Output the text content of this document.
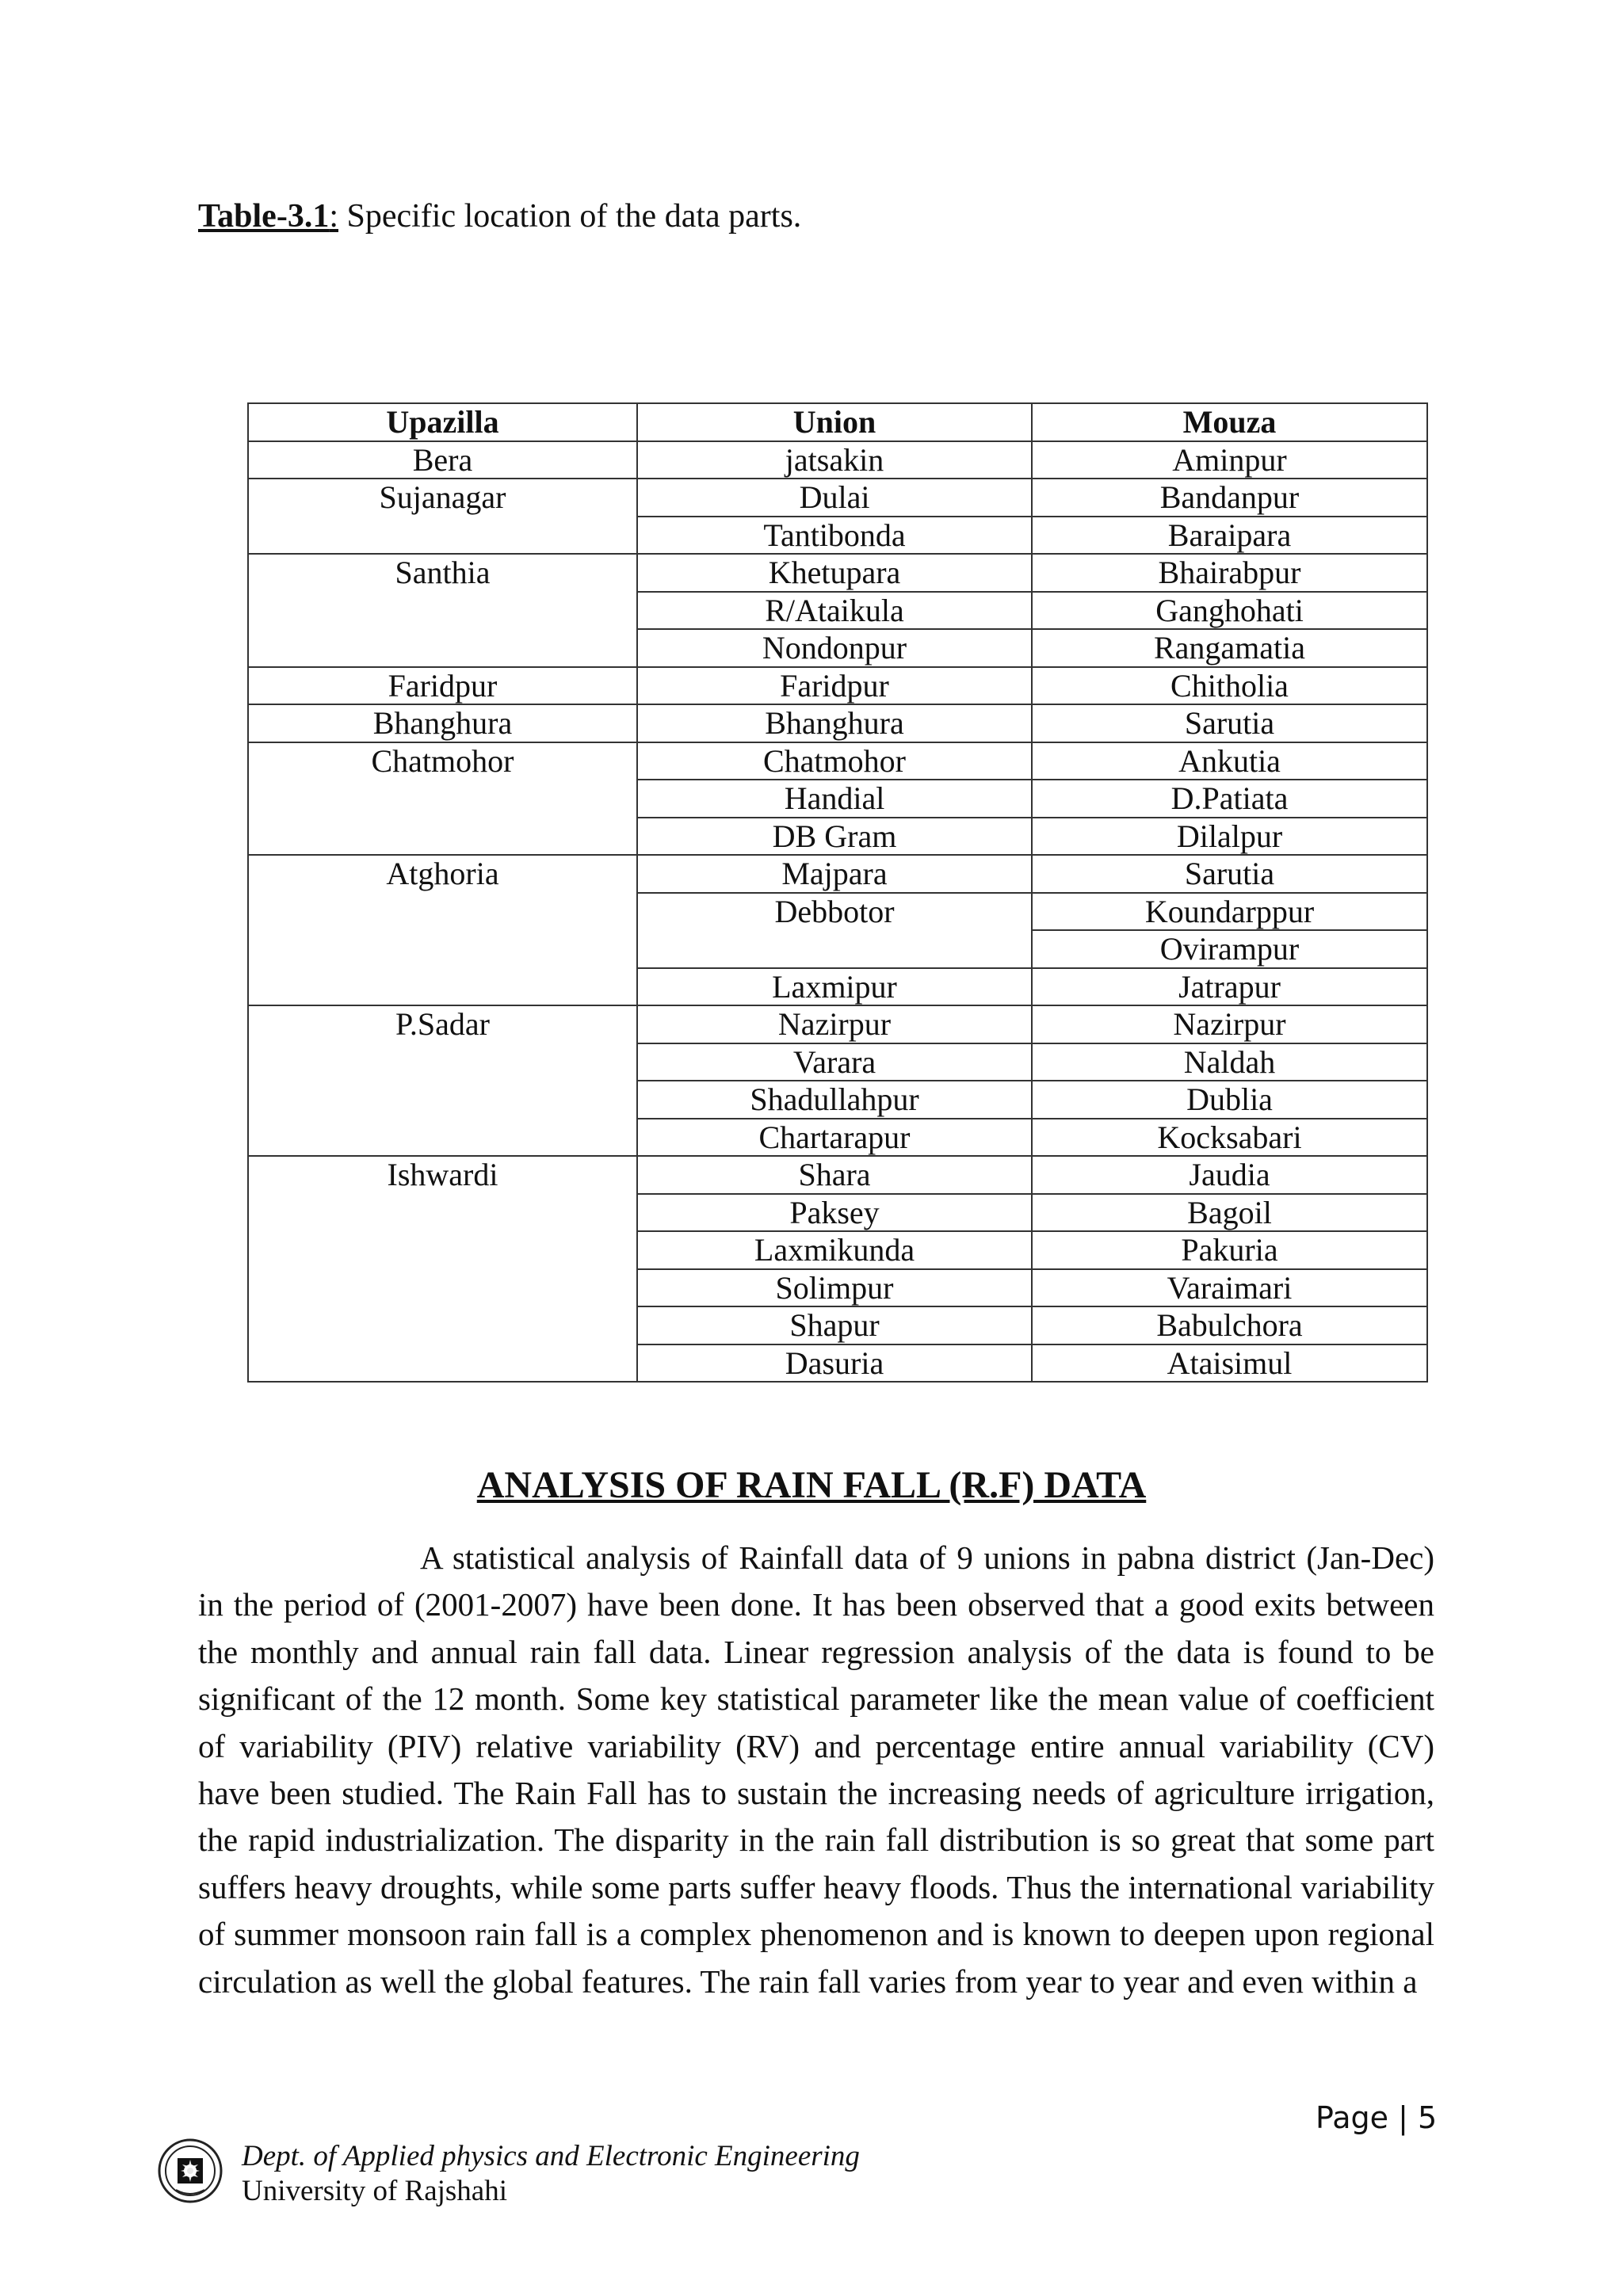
Table-3.1: Specific location of the data parts.
Upazilla	Union	Mouza
Bera	jatsakin	Aminpur
Sujanagar	Dulai	Bandanpur
	Tantibonda	Baraipara
Santhia	Khetupara	Bhairabpur
	R/Ataikula	Ganghohati
	Nondonpur	Rangamatia
Faridpur	Faridpur	Chitholia
Bhanghura	Bhanghura	Sarutia
Chatmohor	Chatmohor	Ankutia
	Handial	D.Patiata
	DB Gram	Dilalpur
Atghoria	Majpara	Sarutia
	Debbotor	Koundarppur
		Ovirampur
	Laxmipur	Jatrapur
P.Sadar	Nazirpur	Nazirpur
	Varara	Naldah
	Shadullahpur	Dublia
	Chartarapur	Kocksabari
Ishwardi	Shara	Jaudia
	Paksey	Bagoil
	Laxmikunda	Pakuria
	Solimpur	Varaimari
	Shapur	Babulchora
	Dasuria	Ataisimul
ANALYSIS OF RAIN FALL (R.F) DATA
A statistical analysis of Rainfall data of 9 unions in pabna district (Jan-Dec) in the period of (2001-2007) have been done. It has been observed that a good exits between the monthly and annual rain fall data. Linear regression analysis of the data is found to be significant of the 12 month. Some key statistical parameter like the mean value of coefficient of variability (PIV) relative variability (RV) and percentage entire annual variability (CV) have been studied. The Rain Fall has to sustain the increasing needs of agriculture irrigation, the rapid industrialization. The disparity in the rain fall distribution is so great that some part suffers heavy droughts, while some parts suffer heavy floods. Thus the international variability of summer monsoon rain fall is a complex phenomenon and is known to deepen upon regional circulation as well the global features. The rain fall varies from year to year and even within a
Page | 5
Dept. of Applied physics and Electronic Engineering
University of Rajshahi
